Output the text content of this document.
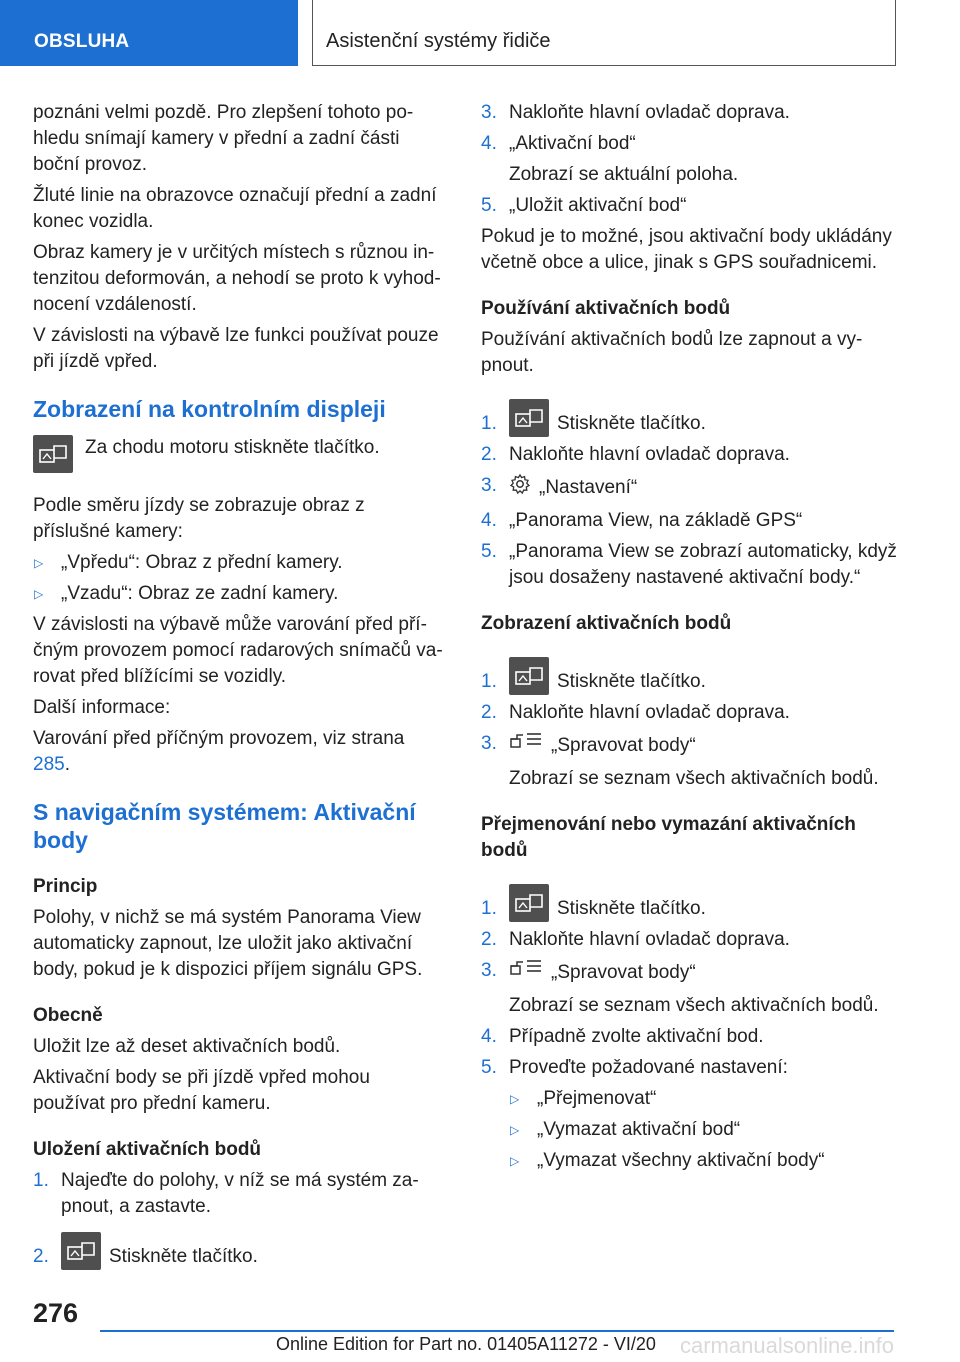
OBSLUHA	Asistenční systémy řidiče
poznáni velmi pozdě. Pro zlepšení tohoto pohledu snímají kamery v přední a zadní části boční provoz.
Žluté linie na obrazovce označují přední a zadní konec vozidla.
Obraz kamery je v určitých místech s různou intenzitou deformován, a nehodí se proto k vyhodnocení vzdáleností.
V závislosti na výbavě lze funkci používat pouze při jízdě vpřed.
Zobrazení na kontrolním displeji
Za chodu motoru stiskněte tlačítko.
Podle směru jízdy se zobrazuje obraz z příslušné kamery:
▷ „Vpředu“: Obraz z přední kamery.
▷ „Vzadu“: Obraz ze zadní kamery.
V závislosti na výbavě může varování před příčným provozem pomocí radarových snímačů varovat před blížícími se vozidly.
Další informace:
Varování před příčným provozem, viz strana 285.
S navigačním systémem: Aktivační body
Princip
Polohy, v nichž se má systém Panorama View automaticky zapnout, lze uložit jako aktivační body, pokud je k dispozici příjem signálu GPS.
Obecně
Uložit lze až deset aktivačních bodů.
Aktivační body se při jízdě vpřed mohou používat pro přední kameru.
Uložení aktivačních bodů
1. Najeďte do polohy, v níž se má systém zapnout, a zastavte.
2.	Stiskněte tlačítko.
3. Nakloňte hlavní ovladač doprava.
4. „Aktivační bod“
Zobrazí se aktuální poloha.
5. „Uložit aktivační bod“
Pokud je to možné, jsou aktivační body ukládány včetně obce a ulice, jinak s GPS souřadnicemi.
Používání aktivačních bodů
Používání aktivačních bodů lze zapnout a vypnout.
1.	Stiskněte tlačítko.
2. Nakloňte hlavní ovladač doprava.
3.	„Nastavení“
4. „Panorama View, na základě GPS“
5. „Panorama View se zobrazí automaticky, když jsou dosaženy nastavené aktivační body.“
Zobrazení aktivačních bodů
1.	Stiskněte tlačítko.
2. Nakloňte hlavní ovladač doprava.
3.	„Spravovat body“
Zobrazí se seznam všech aktivačních bodů.
Přejmenování nebo vymazání aktivačních bodů
1.	Stiskněte tlačítko.
2. Nakloňte hlavní ovladač doprava.
3.	„Spravovat body“
Zobrazí se seznam všech aktivačních bodů.
4. Případně zvolte aktivační bod.
5. Proveďte požadované nastavení:
▷ „Přejmenovat“
▷ „Vymazat aktivační bod“
▷ „Vymazat všechny aktivační body“
276
Online Edition for Part no. 01405A11272 - VI/20 carmanualsonline.info
